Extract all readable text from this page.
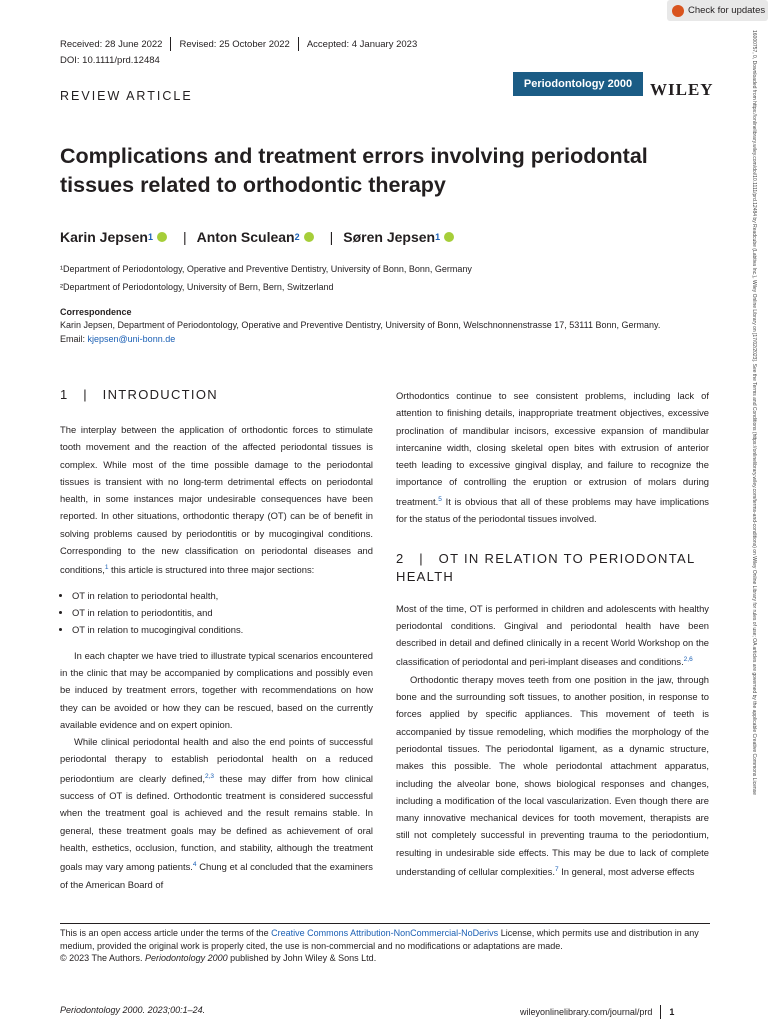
Check for updates
Received: 28 June 2022 Revised: 25 October 2022 Accepted: 4 January 2023
DOI: 10.1111/prd.12484
REVIEW ARTICLE
Periodontology 2000	WILEY
Complications and treatment errors involving periodontal tissues related to orthodontic therapy
Karin Jepsen 1 | Anton Sculean 2 | Søren Jepsen 1
¹Department of Periodontology, Operative and Preventive Dentistry, University of Bonn, Bonn, Germany
²Department of Periodontology, University of Bern, Bern, Switzerland
Correspondence
Karin Jepsen, Department of Periodontology, Operative and Preventive Dentistry, University of Bonn, Welschnonnenstrasse 17, 53111 Bonn, Germany.
Email: kjepsen@uni-bonn.de
1   |   INTRODUCTION

The interplay between the application of orthodontic forces to stimulate tooth movement and the reaction of the affected periodontal tissues is complex. While most of the time possible damage to the periodontal tissues is transient with no long-term detrimental effects on periodontal health, in some instances major undesirable consequences have been reported. In other situations, orthodontic therapy (OT) can be of benefit in solving problems caused by periodontitis or by mucogingival conditions. Corresponding to the new classification on periodontal diseases and conditions,$^1$ this article is structured into three major sections:

• OT in relation to periodontal health,
• OT in relation to periodontitis, and
• OT in relation to mucogingival conditions.

In each chapter we have tried to illustrate typical scenarios encountered in the clinic that may be accompanied by complications and possibly even be induced by treatment errors, together with recommendations on how they can be avoided or how they can be rescued, based on the currently available evidence and on expert opinion.

While clinical periodontal health and also the end points of successful periodontal therapy to establish periodontal health on a reduced periodontium are clearly defined,$^{2,3}$ these may differ from how clinical success of OT is defined. Orthodontic treatment is considered successful when the treatment goal is achieved and the result remains stable. In general, these treatment goals may be defined as achievement of oral health, esthetics, occlusion, function, and stability, although the treatment goals may vary among patients.$^4$ Chung et al concluded that the examiners of the American Board of

Orthodontics continue to see consistent problems, including lack of attention to finishing details, inappropriate treatment objectives, excessive proclination of mandibular incisors, excessive expansion of mandibular intercanine width, closing skeletal open bites with extrusion of anterior teeth leading to excessive gingival display, and failure to recognize the importance of controlling the eruption or extrusion of molars during treatment.$^5$ It is obvious that all of these problems may have implications for the status of the periodontal tissues involved.

2   |   OT IN RELATION TO PERIODONTAL HEALTH

Most of the time, OT is performed in children and adolescents with healthy periodontal conditions. Gingival and periodontal health have been described in detail and defined clinically in a recent World Workshop on the classification of periodontal and peri-implant diseases and conditions.$^{2,6}$

Orthodontic therapy moves teeth from one position in the jaw, through bone and the surrounding soft tissues, to another position, in response to forces applied by specific appliances. This movement of teeth is accompanied by tissue remodeling, which modifies the morphology of the periodontal tissues. The periodontal ligament, as a dynamic structure, makes this possible. The whole periodontal attachment apparatus, including the alveolar bone, shows biological responses and changes, including a modification of the local vascularization. Even though there are many innovative mechanical devices for tooth movement, therapists are still not completely successful in preventing trauma to the periodontium, resulting in undesirable side effects. This may be due to lack of complete understanding of cellular complexities.$^7$ In general, most adverse effects

This is an open access article under the terms of the Creative Commons Attribution-NonCommercial-NoDerivs License, which permits use and distribution in any medium, provided the original work is properly cited, the use is non-commercial and no modifications or adaptations are made.
© 2023 The Authors. Periodontology 2000 published by John Wiley & Sons Ltd.
Periodontology 2000. 2023;00:1–24.	wileyonlinelibrary.com/journal/prd 1
16000757, 0, Downloaded from https://onlinelibrary.wiley.com/doi/10.1111/prd.12484 by Readcube (Labtiva Inc.), Wiley Online Library on [17/02/2023]. See the Terms and Conditions (https://onlinelibrary.wiley.com/terms-and-conditions) on Wiley Online Library for rules of use; OA articles are governed by the applicable Creative Commons License
